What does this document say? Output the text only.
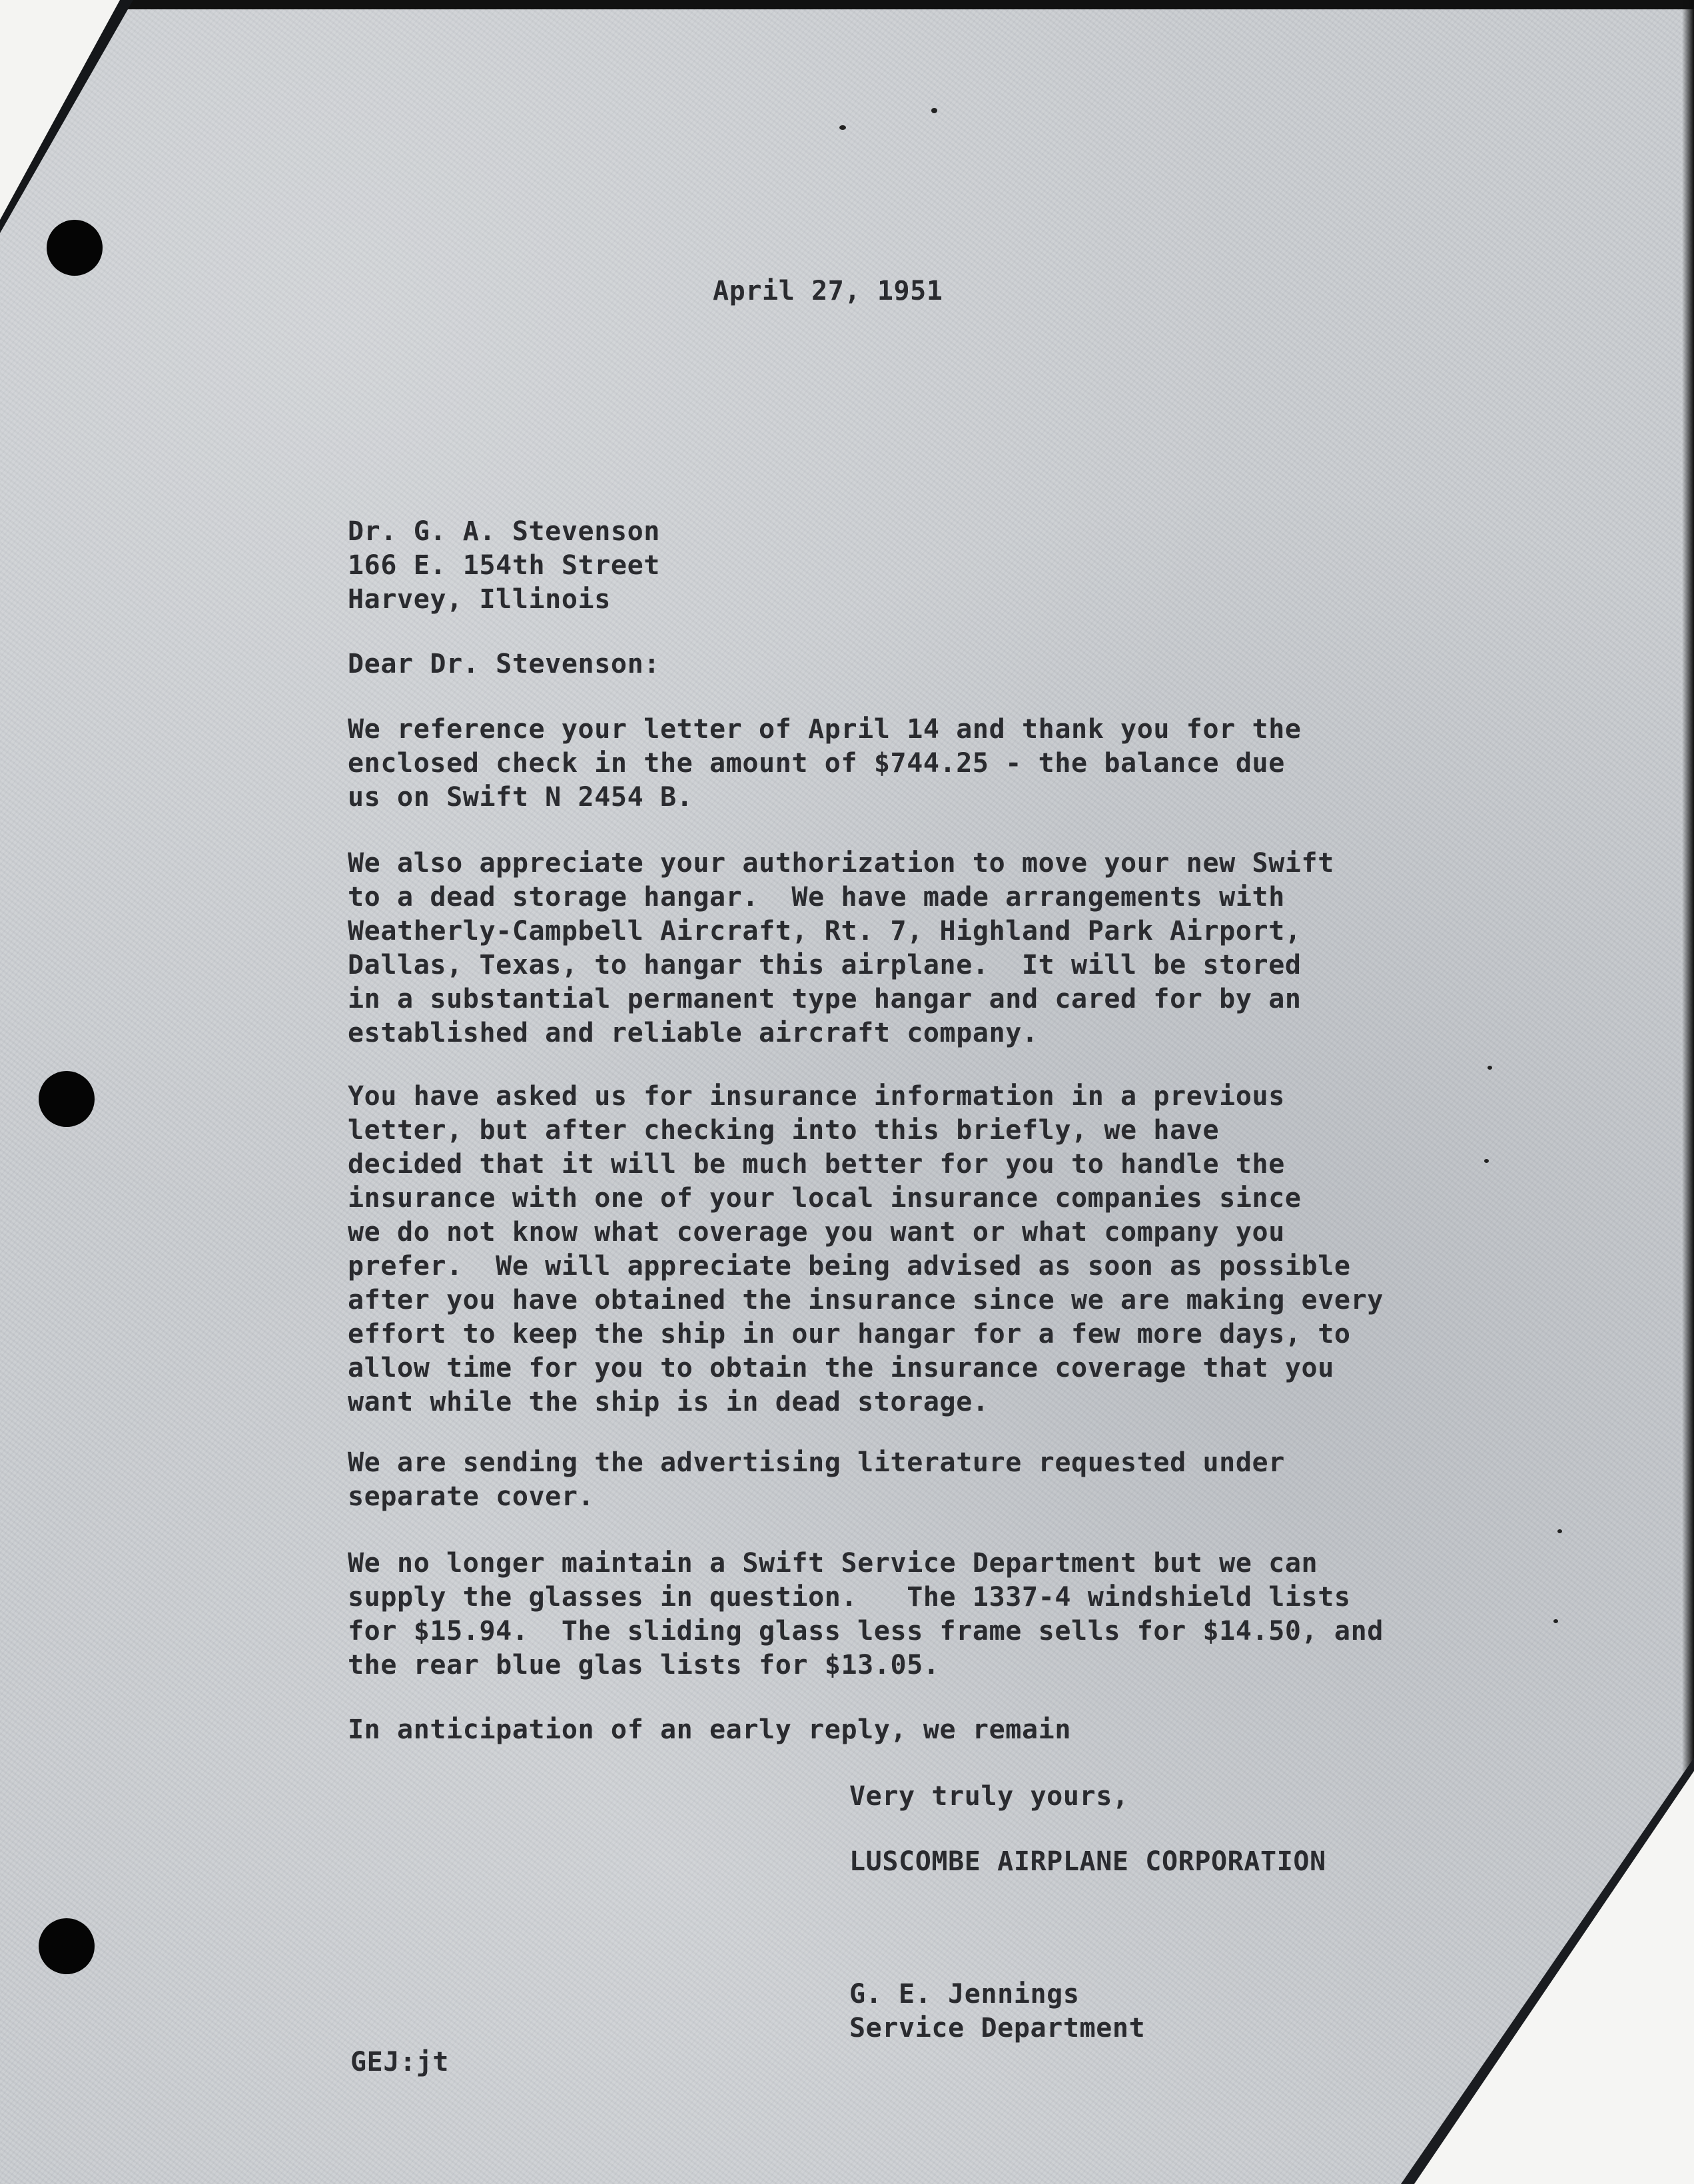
April 27, 1951

Dr. G. A. Stevenson

166 E. 154th Street

Harvey, Illinois

Dear Dr. Stevenson:

We reference your letter of April 14 and thank you for the

enclosed check in the amount of $744.25 - the balance due

us on Swift N 2454 B.

We also appreciate your authorization to move your new Swift

to a dead storage hangar.  We have made arrangements with

Weatherly-Campbell Aircraft, Rt. 7, Highland Park Airport,

Dallas, Texas, to hangar this airplane.  It will be stored

in a substantial permanent type hangar and cared for by an

established and reliable aircraft company.

You have asked us for insurance information in a previous

letter, but after checking into this briefly, we have

decided that it will be much better for you to handle the

insurance with one of your local insurance companies since

we do not know what coverage you want or what company you

prefer.  We will appreciate being advised as soon as possible

after you have obtained the insurance since we are making every

effort to keep the ship in our hangar for a few more days, to

allow time for you to obtain the insurance coverage that you

want while the ship is in dead storage.

We are sending the advertising literature requested under

separate cover.

We no longer maintain a Swift Service Department but we can

supply the glasses in question.   The 1337-4 windshield lists

for $15.94.  The sliding glass less frame sells for $14.50, and

the rear blue glas lists for $13.05.

In anticipation of an early reply, we remain

Very truly yours,

LUSCOMBE AIRPLANE CORPORATION

G. E. Jennings

Service Department

GEJ:jt
